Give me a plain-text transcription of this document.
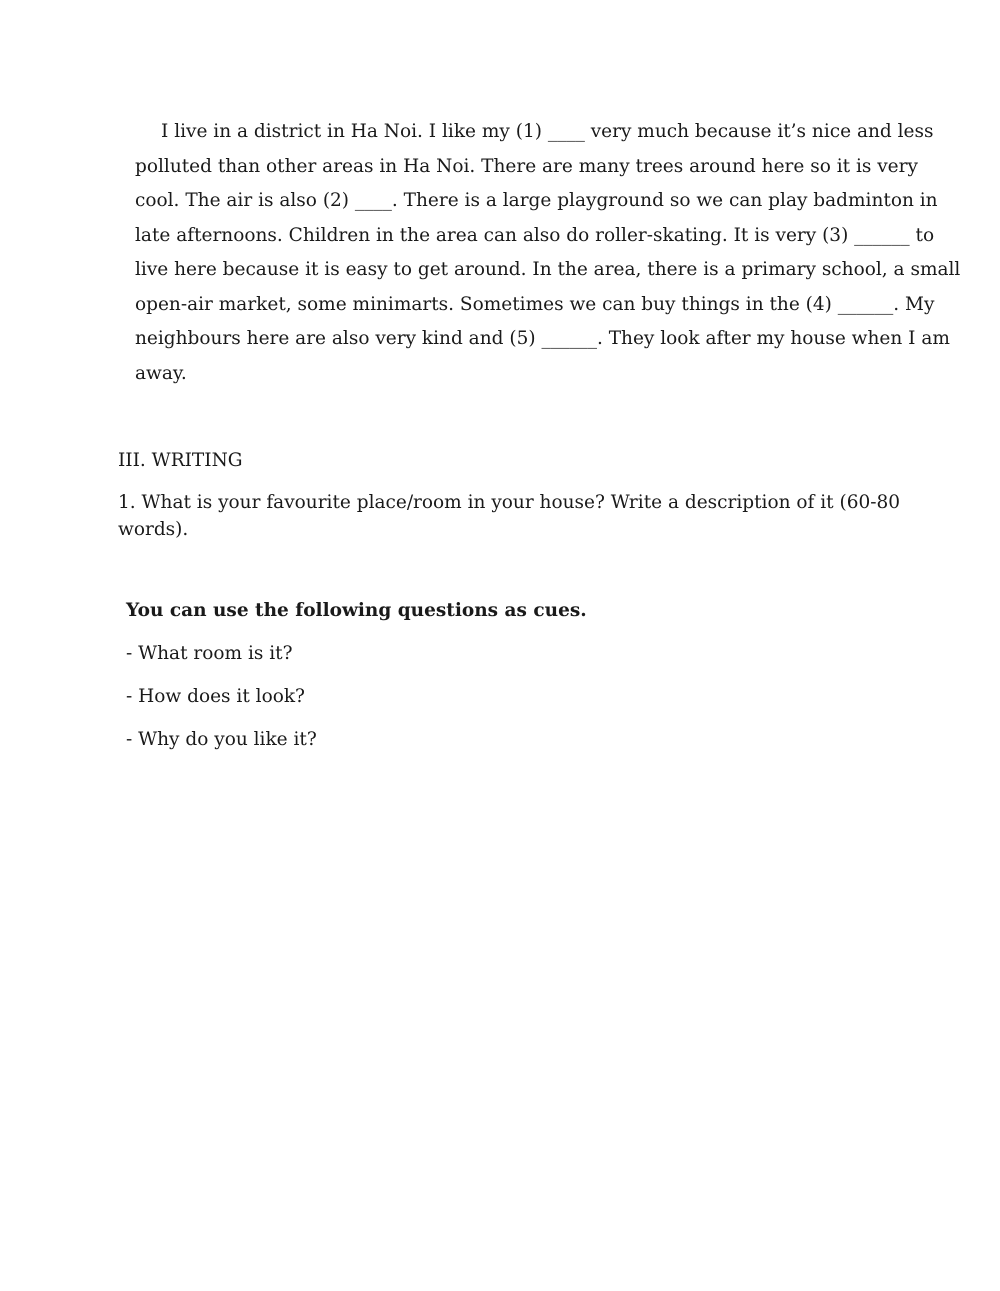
I live in a district in Ha Noi. I like my (1) ____ very much because it’s nice and less
polluted than other areas in Ha Noi. There are many trees around here so it is very
cool. The air is also (2) ____. There is a large playground so we can play badminton in
late afternoons. Children in the area can also do roller-skating. It is very (3) ______ to
live here because it is easy to get around. In the area, there is a primary school, a small
open-air market, some minimarts. Sometimes we can buy things in the (4) ______. My
neighbours here are also very kind and (5) ______. They look after my house when I am
away.
III. WRITING
1. What is your favourite place/room in your house? Write a description of it (60-80
words).
You can use the following questions as cues.
- What room is it?
- How does it look?
- Why do you like it?
